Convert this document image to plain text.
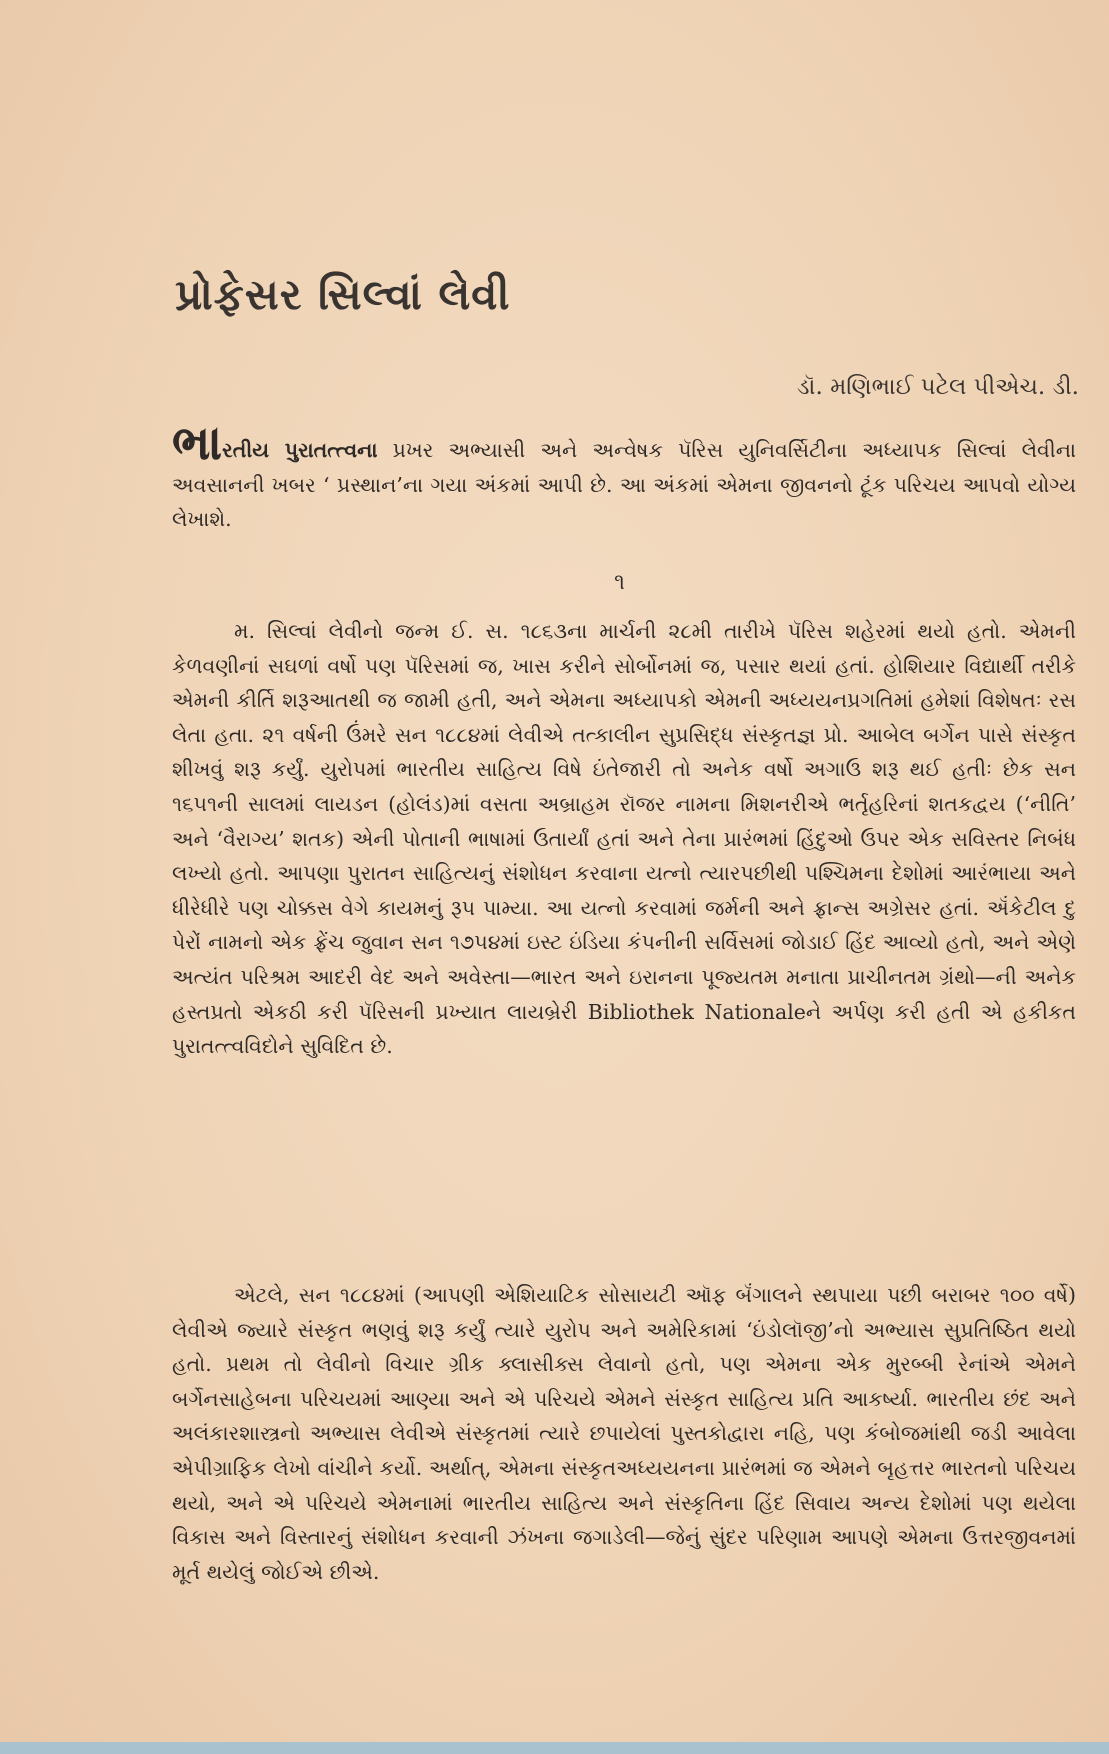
પ્રોફેસર સિલ્વાં લેવી

ડૉ. મણિભાઈ પટેલ પીએચ. ડી.

ભારતીય પુરાતત્ત્વના પ્રખર અભ્યાસી અને અન્વેષક પૅરિસ યુનિવર્સિટીના અધ્યાપક સિલ્વાં લેવીના અવસાનની ખબર ‘ પ્રસ્થાન’ના ગયા અંકમાં આપી છે. આ અંકમાં એમના જીવનનો ટૂંક પરિચય આપવો યોગ્ય લેખાશે.

૧

મ. સિલ્વાં લેવીનો જન્મ ઈ. સ. ૧૮૬૩ના માર્ચની ૨૮મી તારીખે પૅરિસ શહેરમાં થયો હતો. એમની કેળવણીનાં સઘળાં વર્ષો પણ પૅરિસમાં જ, ખાસ કરીને સોર્બોનમાં જ, પસાર થયાં હતાં. હોશિયાર વિદ્યાર્થી તરીકે એમની કીર્તિ શરૂઆતથી જ જામી હતી, અને એમના અધ્યાપકો એમની અધ્યયનપ્રગતિમાં હમેશાં વિશેષતઃ રસ લેતા હતા. ૨૧ વર્ષની ઉંમરે સન ૧૮૮૪માં લેવીએ તત્કાલીન સુપ્રસિદ્ધ સંસ્કૃતજ્ઞ પ્રો. આબેલ બર્ગેન પાસે સંસ્કૃત શીખવું શરૂ કર્યું. યુરોપમાં ભારતીય સાહિત્ય વિષે ઇંતેજારી તો અનેક વર્ષો અગાઉ શરૂ થઈ હતીઃ છેક સન ૧૬૫૧ની સાલમાં લાયડન (હોલંડ)માં વસતા અબ્રાહમ રૉજર નામના મિશનરીએ ભર્તૃહરિનાં શતકદ્વય (‘નીતિ’ અને ‘વૈરાગ્ય’ શતક) એની પોતાની ભાષામાં ઉતાર્યાં હતાં અને તેના પ્રારંભમાં હિંદુઓ ઉપર એક સવિસ્તર નિબંધ લખ્યો હતો. આપણા પુરાતન સાહિત્યનું સંશોધન કરવાના યત્નો ત્યારપછીથી પશ્ચિમના દેશોમાં આરંભાયા અને ધીરેધીરે પણ ચોક્કસ વેગે કાયમનું રૂપ પામ્યા. આ યત્નો કરવામાં જર્મની અને ફ્રાન્સ અગ્રેસર હતાં. ઍંકેટીલ દુ પેરોં નામનો એક ફ્રેંચ જુવાન સન ૧૭૫૪માં ઇસ્ટ ઇંડિયા કંપનીની સર્વિસમાં જોડાઈ હિંદ આવ્યો હતો, અને એણે અત્યંત પરિશ્રમ આદરી વેદ અને અવેસ્તા—ભારત અને ઇરાનના પૂજ્યતમ મનાતા પ્રાચીનતમ ગ્રંથો—ની અનેક હસ્તપ્રતો એકઠી કરી પૅરિસની પ્રખ્યાત લાયબ્રેરી Bibliothek Nationaleને અર્પણ કરી હતી એ હકીકત પુરાતત્ત્વવિદોને સુવિદિત છે.

એટલે, સન ૧૮૮૪માં (આપણી એશિયાટિક સોસાયટી ઑફ બૅંગાલને સ્થપાયા પછી બરાબર ૧૦૦ વર્ષે) લેવીએ જ્યારે સંસ્કૃત ભણવું શરૂ કર્યું ત્યારે યુરોપ અને અમેરિકામાં ‘ઇંડોલૉજી’નો અભ્યાસ સુપ્રતિષ્ઠિત થયો હતો. પ્રથમ તો લેવીનો વિચાર ગ્રીક ક્લાસીક્સ લેવાનો હતો, પણ એમના એક મુરબ્બી રેનાંએ એમને બર્ગેનસાહેબના પરિચયમાં આણ્યા અને એ પરિચયે એમને સંસ્કૃત સાહિત્ય પ્રતિ આકર્ષ્યા. ભારતીય છંદ અને અલંકારશાસ્ત્રનો અભ્યાસ લેવીએ સંસ્કૃતમાં ત્યારે છપાયેલાં પુસ્તકોદ્વારા નહિ, પણ કંબોજમાંથી જડી આવેલા એપીગ્રાફિક લેખો વાંચીને કર્યો. અર્થાત્, એમના સંસ્કૃતઅધ્યયનના પ્રારંભમાં જ એમને બૃહત્તર ભારતનો પરિચય થયો, અને એ પરિચયે એમનામાં ભારતીય સાહિત્ય અને સંસ્કૃતિના હિંદ સિવાય અન્ય દેશોમાં પણ થયેલા વિકાસ અને વિસ્તારનું સંશોધન કરવાની ઝંખના જગાડેલી—જેનું સુંદર પરિણામ આપણે એમના ઉત્તરજીવનમાં મૂર્ત થયેલું જોઈએ છીએ.
